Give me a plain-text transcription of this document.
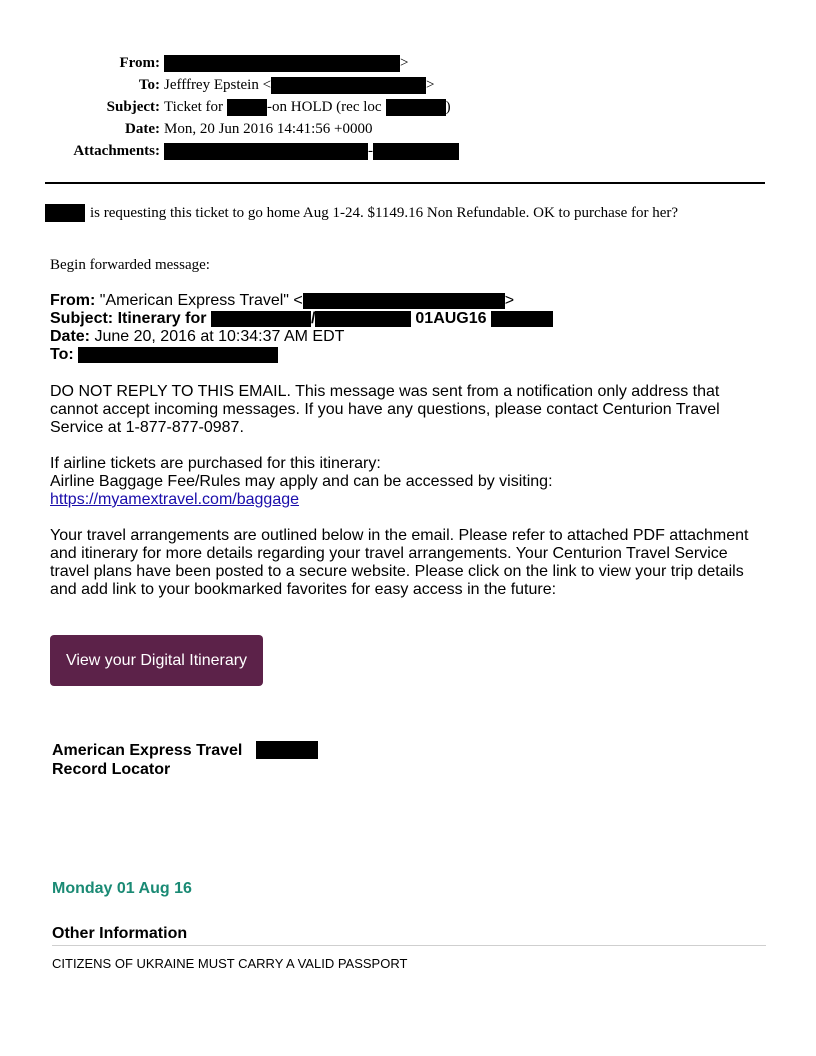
From:	>
To: Jefffrey Epstein <	>
Subject: Ticket for	-on HOLD (rec loc	)
Date: Mon, 20 Jun 2016 14:41:56 +0000
Attachments:	-
is requesting this ticket to go home Aug 1-24. $1149.16 Non Refundable. OK to purchase for her?
Begin forwarded message:
From:
"American Express Travel" <	>
Subject: Itinerary for
	/	01AUG16
Date:
June 20, 2016 at 10:34:37 AM EDT
To:

DO NOT REPLY TO THIS EMAIL. This message was sent from a notification only address that cannot accept incoming messages. If you have any questions, please contact Centurion Travel Service at 1-877-877-0987.
If airline tickets are purchased for this itinerary:
Airline Baggage Fee/Rules may apply and can be accessed by visiting:
https://myamextravel.com/baggage
Your travel arrangements are outlined below in the email. Please refer to attached PDF attachment and itinerary for more details regarding your travel arrangements. Your Centurion Travel Service travel plans have been posted to a secure website. Please click on the link to view your trip details and add link to your bookmarked favorites for easy access in the future:
View your Digital Itinerary
American Express Travel
Record Locator
Monday 01 Aug 16
Other Information
CITIZENS OF UKRAINE MUST CARRY A VALID PASSPORT
